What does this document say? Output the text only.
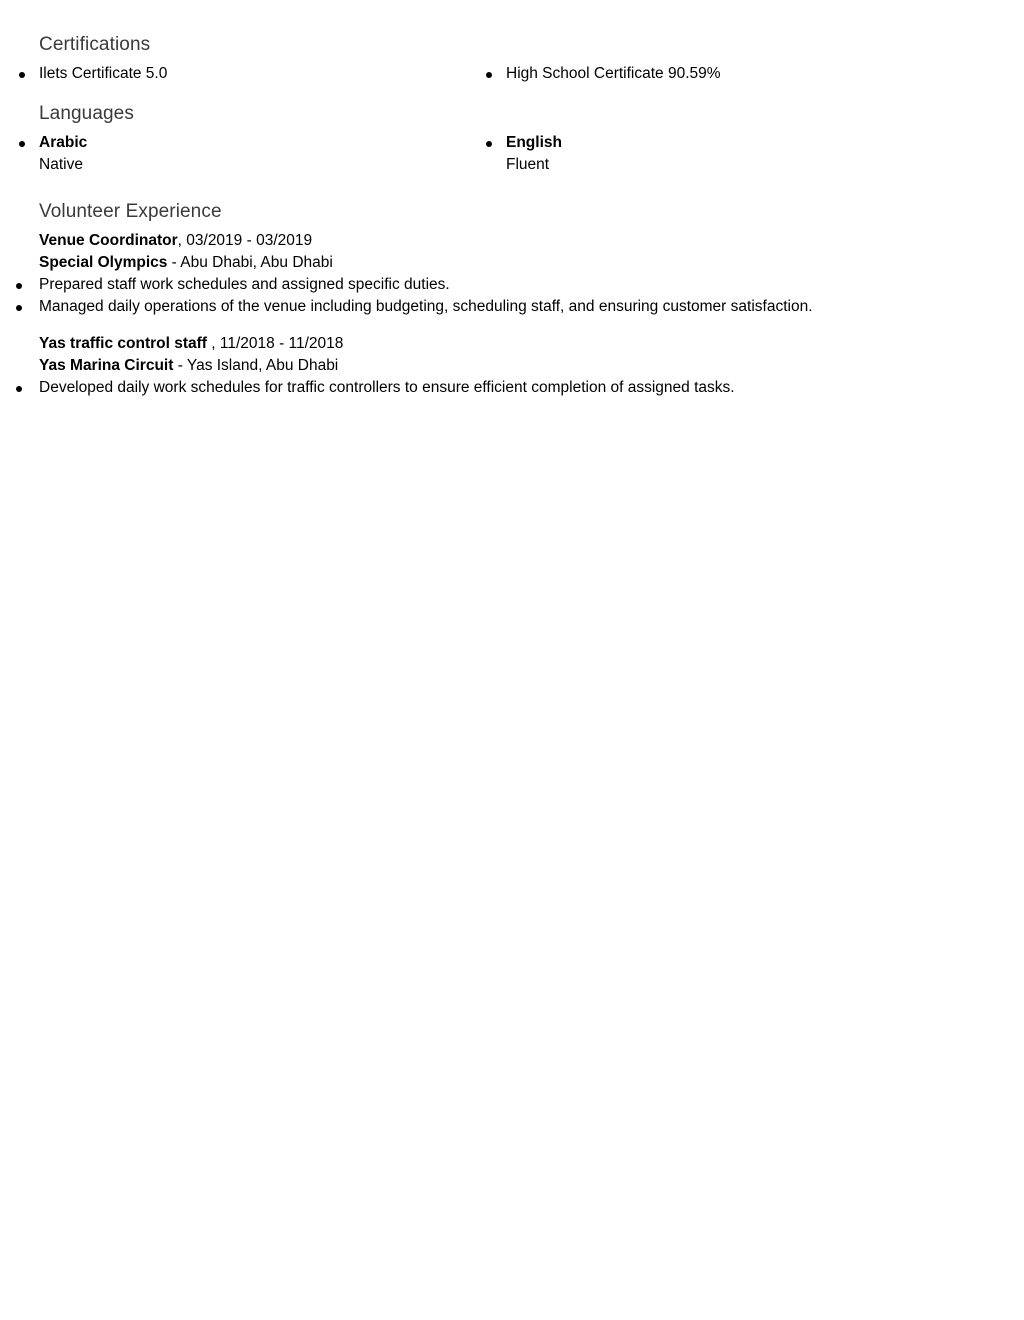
Certifications
Ilets Certificate 5.0	High School Certificate 90.59%
Languages
Arabic
Native
English
Fluent
Volunteer Experience
Venue Coordinator, 03/2019 - 03/2019
Special Olympics - Abu Dhabi, Abu Dhabi
Prepared staff work schedules and assigned specific duties.
Managed daily operations of the venue including budgeting, scheduling staff, and ensuring customer satisfaction.
Yas traffic control staff , 11/2018 - 11/2018
Yas Marina Circuit - Yas Island, Abu Dhabi
Developed daily work schedules for traffic controllers to ensure efficient completion of assigned tasks.
